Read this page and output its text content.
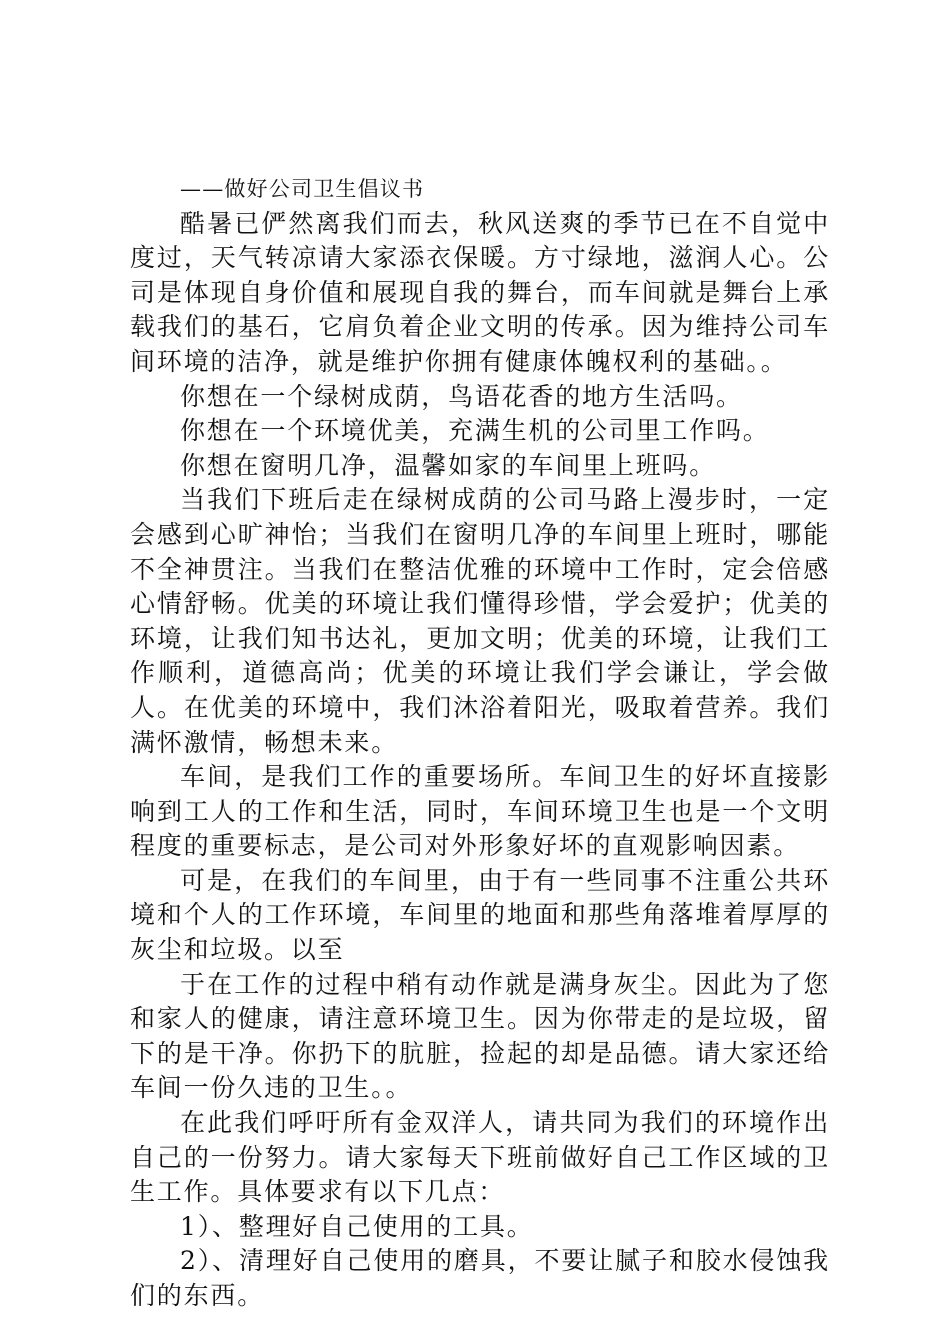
——做好公司卫生倡议书

酷暑已俨然离我们而去，秋风送爽的季节已在不自觉中度过，天气转凉请大家添衣保暖。方寸绿地，滋润人心。公司是体现自身价值和展现自我的舞台，而车间就是舞台上承载我们的基石，它肩负着企业文明的传承。因为维持公司车间环境的洁净，就是维护你拥有健康体魄权利的基础。。

你想在一个绿树成荫，鸟语花香的地方生活吗。

你想在一个环境优美，充满生机的公司里工作吗。

你想在窗明几净，温馨如家的车间里上班吗。

当我们下班后走在绿树成荫的公司马路上漫步时，一定会感到心旷神怡；当我们在窗明几净的车间里上班时，哪能不全神贯注。当我们在整洁优雅的环境中工作时，定会倍感心情舒畅。优美的环境让我们懂得珍惜，学会爱护；优美的环境，让我们知书达礼，更加文明；优美的环境，让我们工作顺利，道德高尚；优美的环境让我们学会谦让，学会做人。在优美的环境中，我们沐浴着阳光，吸取着营养。我们满怀激情，畅想未来。

车间，是我们工作的重要场所。车间卫生的好坏直接影响到工人的工作和生活，同时，车间环境卫生也是一个文明程度的重要标志，是公司对外形象好坏的直观影响因素。

可是，在我们的车间里，由于有一些同事不注重公共环境和个人的工作环境，车间里的地面和那些角落堆着厚厚的灰尘和垃圾。以至

于在工作的过程中稍有动作就是满身灰尘。因此为了您和家人的健康，请注意环境卫生。因为你带走的是垃圾，留下的是干净。你扔下的肮脏，捡起的却是品德。请大家还给车间一份久违的卫生。。

在此我们呼吁所有金双洋人，请共同为我们的环境作出自己的一份努力。请大家每天下班前做好自己工作区域的卫生工作。具体要求有以下几点：

1）、整理好自己使用的工具。

2）、清理好自己使用的磨具，不要让腻子和胶水侵蚀我们的东西。
